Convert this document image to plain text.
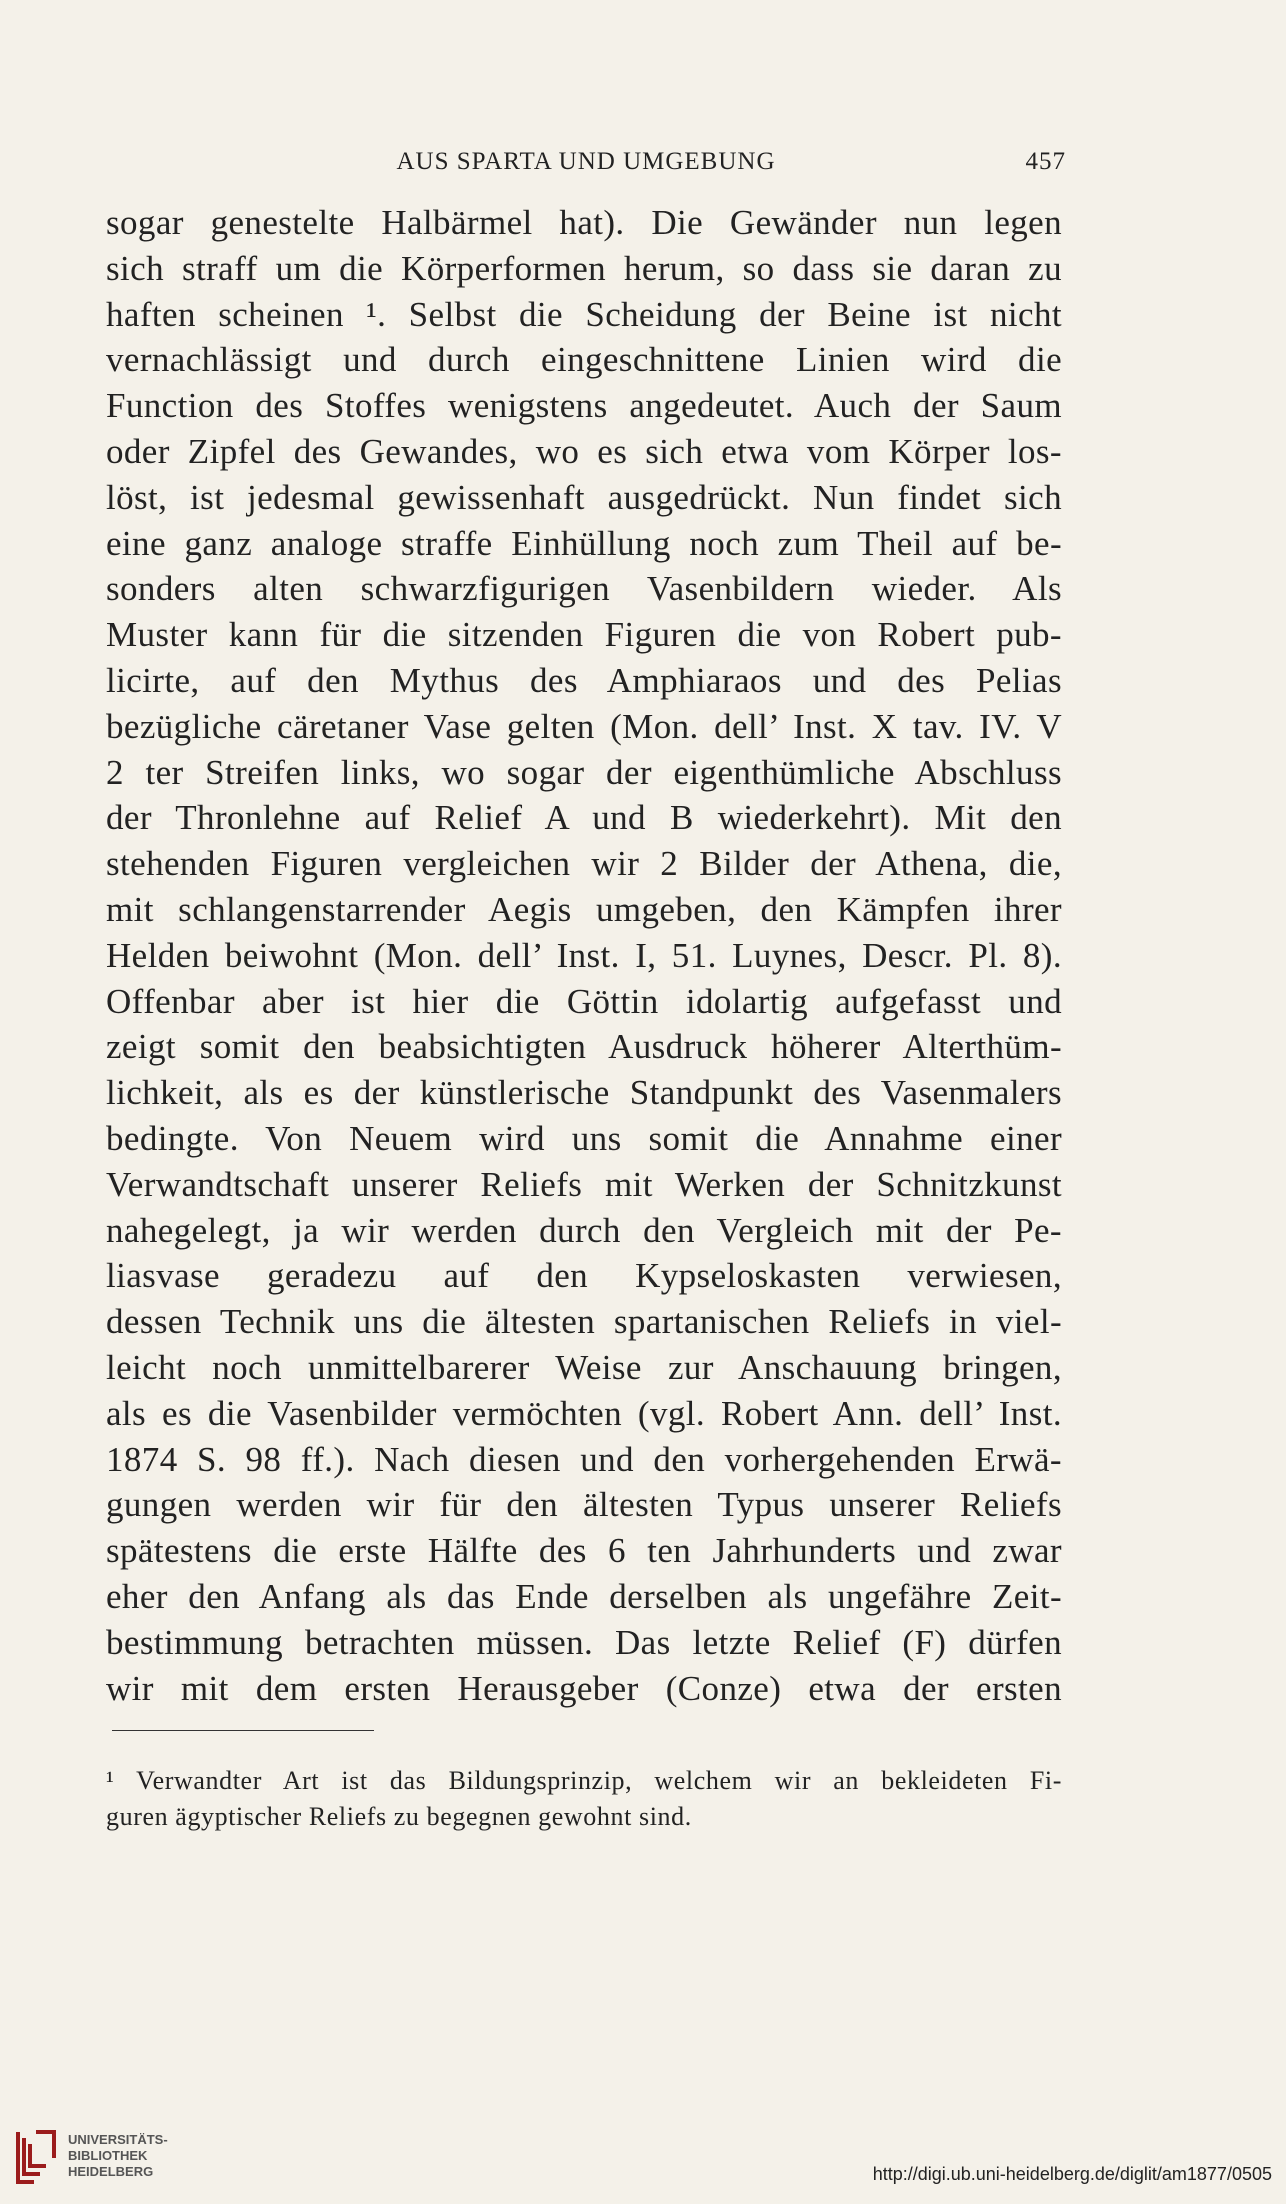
AUS SPARTA UND UMGEBUNG	457
sogar genestelte Halbärmel hat). Die Gewänder nun legen
sich straff um die Körperformen herum, so dass sie daran zu
haften scheinen ¹. Selbst die Scheidung der Beine ist nicht
vernachlässigt und durch eingeschnittene Linien wird die
Function des Stoffes wenigstens angedeutet. Auch der Saum
oder Zipfel des Gewandes, wo es sich etwa vom Körper los-
löst, ist jedesmal gewissenhaft ausgedrückt. Nun findet sich
eine ganz analoge straffe Einhüllung noch zum Theil auf be-
sonders alten schwarzfigurigen Vasenbildern wieder. Als
Muster kann für die sitzenden Figuren die von Robert pub-
licirte, auf den Mythus des Amphiaraos und des Pelias
bezügliche cäretaner Vase gelten (Mon. dell’ Inst. X tav. IV. V
2 ter Streifen links, wo sogar der eigenthümliche Abschluss
der Thronlehne auf Relief A und B wiederkehrt). Mit den
stehenden Figuren vergleichen wir 2 Bilder der Athena, die,
mit schlangenstarrender Aegis umgeben, den Kämpfen ihrer
Helden beiwohnt (Mon. dell’ Inst. I, 51. Luynes, Descr. Pl. 8).
Offenbar aber ist hier die Göttin idolartig aufgefasst und
zeigt somit den beabsichtigten Ausdruck höherer Alterthüm-
lichkeit, als es der künstlerische Standpunkt des Vasenmalers
bedingte. Von Neuem wird uns somit die Annahme einer
Verwandtschaft unserer Reliefs mit Werken der Schnitzkunst
nahegelegt, ja wir werden durch den Vergleich mit der Pe-
liasvase geradezu auf den Kypseloskasten verwiesen,
dessen Technik uns die ältesten spartanischen Reliefs in viel-
leicht noch unmittelbarerer Weise zur Anschauung bringen,
als es die Vasenbilder vermöchten (vgl. Robert Ann. dell’ Inst.
1874 S. 98 ff.). Nach diesen und den vorhergehenden Erwä-
gungen werden wir für den ältesten Typus unserer Reliefs
spätestens die erste Hälfte des 6 ten Jahrhunderts und zwar
eher den Anfang als das Ende derselben als ungefähre Zeit-
bestimmung betrachten müssen. Das letzte Relief (F) dürfen
wir mit dem ersten Herausgeber (Conze) etwa der ersten
¹ Verwandter Art ist das Bildungsprinzip, welchem wir an bekleideten Fi-
guren ägyptischer Reliefs zu begegnen gewohnt sind.
UNIVERSITÄTS-
BIBLIOTHEK
HEIDELBERG	http://digi.ub.uni-heidelberg.de/diglit/am1877/0505
